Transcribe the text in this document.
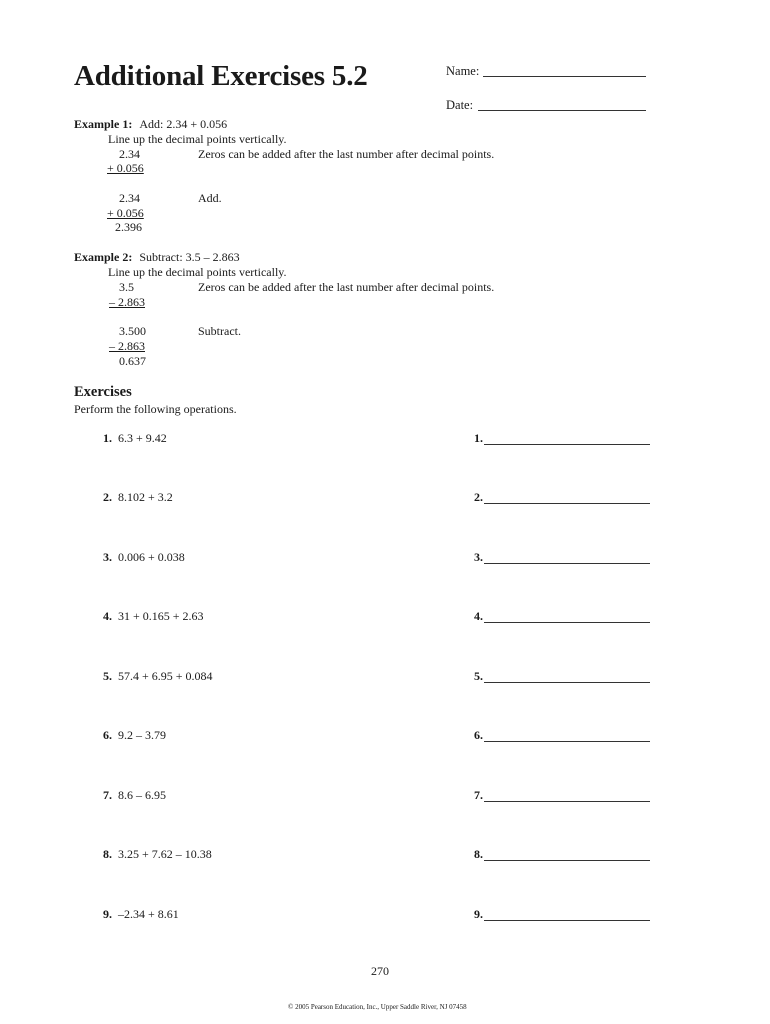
Additional Exercises 5.2	Name:
Date:
Example 1: Add: 2.34 + 0.056
Line up the decimal points vertically.
2.34	Zeros can be added after the last number after decimal points.
+ 0.056
2.34	Add.
+ 0.056
2.396
Example 2: Subtract: 3.5 – 2.863
Line up the decimal points vertically.
3.5	Zeros can be added after the last number after decimal points.
– 2.863
3.500	Subtract.
– 2.863
0.637
Exercises
Perform the following operations.
1. 6.3 + 9.42	1.
2. 8.102 + 3.2	2.
3. 0.006 + 0.038	3.
4. 31 + 0.165 + 2.63	4.
5. 57.4 + 6.95 + 0.084	5.
6. 9.2 – 3.79	6.
7. 8.6 – 6.95	7.
8. 3.25 + 7.62 – 10.38	8.
9. –2.34 + 8.61	9.
270
© 2005 Pearson Education, Inc., Upper Saddle River, NJ 07458
